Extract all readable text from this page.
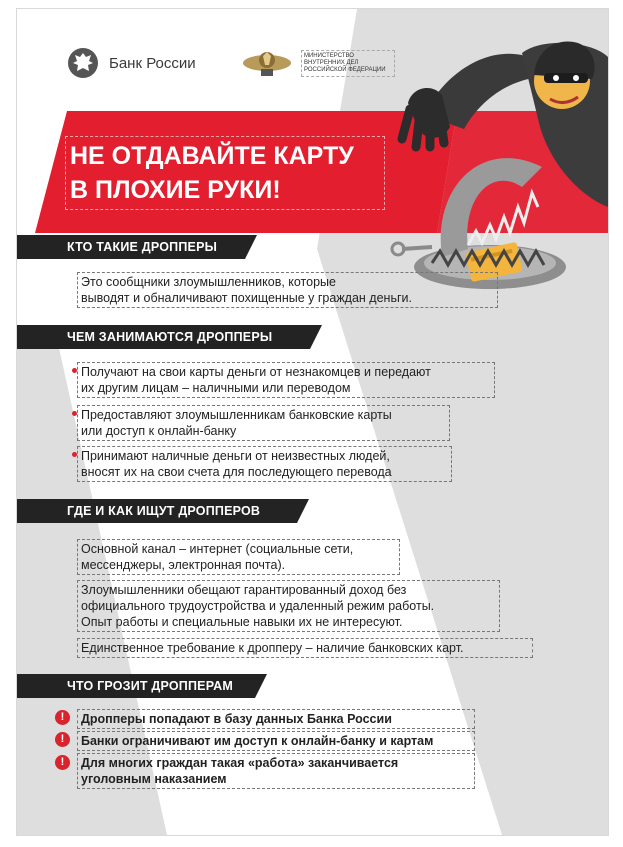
Банк России	МИНИСТЕРСТВО ВНУТРЕННИХ ДЕЛ РОССИЙСКОЙ ФЕДЕРАЦИИ
НЕ ОТДАВАЙТЕ КАРТУ
В ПЛОХИЕ РУКИ!
КТО ТАКИЕ ДРОППЕРЫ
Это сообщники злоумышленников, которые
выводят и обналичивают похищенные у граждан деньги.
ЧЕМ ЗАНИМАЮТСЯ ДРОППЕРЫ
Получают на свои карты деньги от незнакомцев и передают
их другим лицам – наличными или переводом
Предоставляют злоумышленникам банковские карты
или доступ к онлайн-банку
Принимают наличные деньги от неизвестных людей,
вносят их на свои счета для последующего перевода
ГДЕ И КАК ИЩУТ ДРОППЕРОВ
Основной канал – интернет (социальные сети,
мессенджеры, электронная почта).
Злоумышленники обещают гарантированный доход без
официального трудоустройства и удаленный режим работы.
Опыт работы и специальные навыки их не интересуют.
Единственное требование к дропперу – наличие банковских карт.
ЧТО ГРОЗИТ ДРОППЕРАМ
!	Дропперы попадают в базу данных Банка России
!	Банки ограничивают им доступ к онлайн-банку и картам
!	Для многих граждан такая «работа» заканчивается
уголовным наказанием
